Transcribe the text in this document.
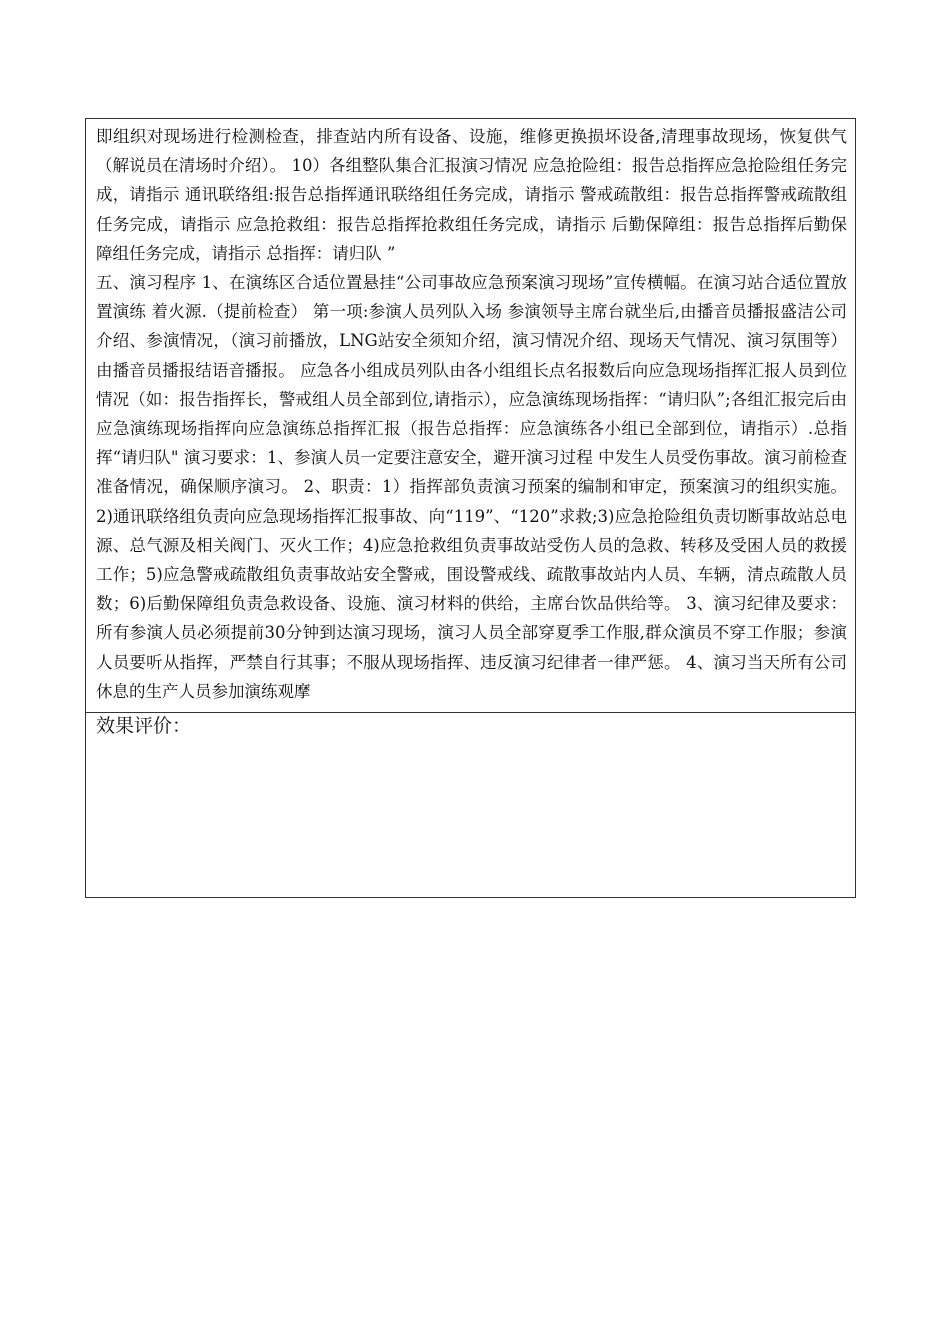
即组织对现场进行检测检查，排查站内所有设备、设施，维修更换损坏设备,清理事故现场，恢复供气（解说员在清场时介绍）。 10）各组整队集合汇报演习情况 应急抢险组：报告总指挥应急抢险组任务完成，请指示 通讯联络组:报告总指挥通讯联络组任务完成，请指示 警戒疏散组：报告总指挥警戒疏散组任务完成，请指示 应急抢救组：报告总指挥抢救组任务完成，请指示 后勤保障组：报告总指挥后勤保障组任务完成，请指示 总指挥：请归队 ”

五、演习程序 1、在演练区合适位置悬挂“公司事故应急预案演习现场”宣传横幅。在演习站合适位置放置演练 着火源.（提前检查） 第一项:参演人员列队入场 参演领导主席台就坐后,由播音员播报盛洁公司介绍、参演情况，（演习前播放，LNG站安全须知介绍，演习情况介绍、现场天气情况、演习氛围等）由播音员播报结语音播报。 应急各小组成员列队由各小组组长点名报数后向应急现场指挥汇报人员到位情况（如：报告指挥长，警戒组人员全部到位,请指示），应急演练现场指挥：“请归队”;各组汇报完后由应急演练现场指挥向应急演练总指挥汇报（报告总指挥：应急演练各小组已全部到位，请指示）.总指挥“请归队" 演习要求：1、参演人员一定要注意安全，避开演习过程 中发生人员受伤事故。演习前检查准备情况，确保顺序演习。 2、职责：1）指挥部负责演习预案的编制和审定，预案演习的组织实施。2)通讯联络组负责向应急现场指挥汇报事故、向“119”、“120”求救;3)应急抢险组负责切断事故站总电源、总气源及相关阀门、灭火工作；4)应急抢救组负责事故站受伤人员的急救、转移及受困人员的救援工作；5)应急警戒疏散组负责事故站安全警戒，围设警戒线、疏散事故站内人员、车辆，清点疏散人员数；6)后勤保障组负责急救设备、设施、演习材料的供给，主席台饮品供给等。 3、演习纪律及要求：所有参演人员必须提前30分钟到达演习现场，演习人员全部穿夏季工作服,群众演员不穿工作服；参演人员要听从指挥，严禁自行其事；不服从现场指挥、违反演习纪律者一律严惩。 4、演习当天所有公司休息的生产人员参加演练观摩

效果评价：
